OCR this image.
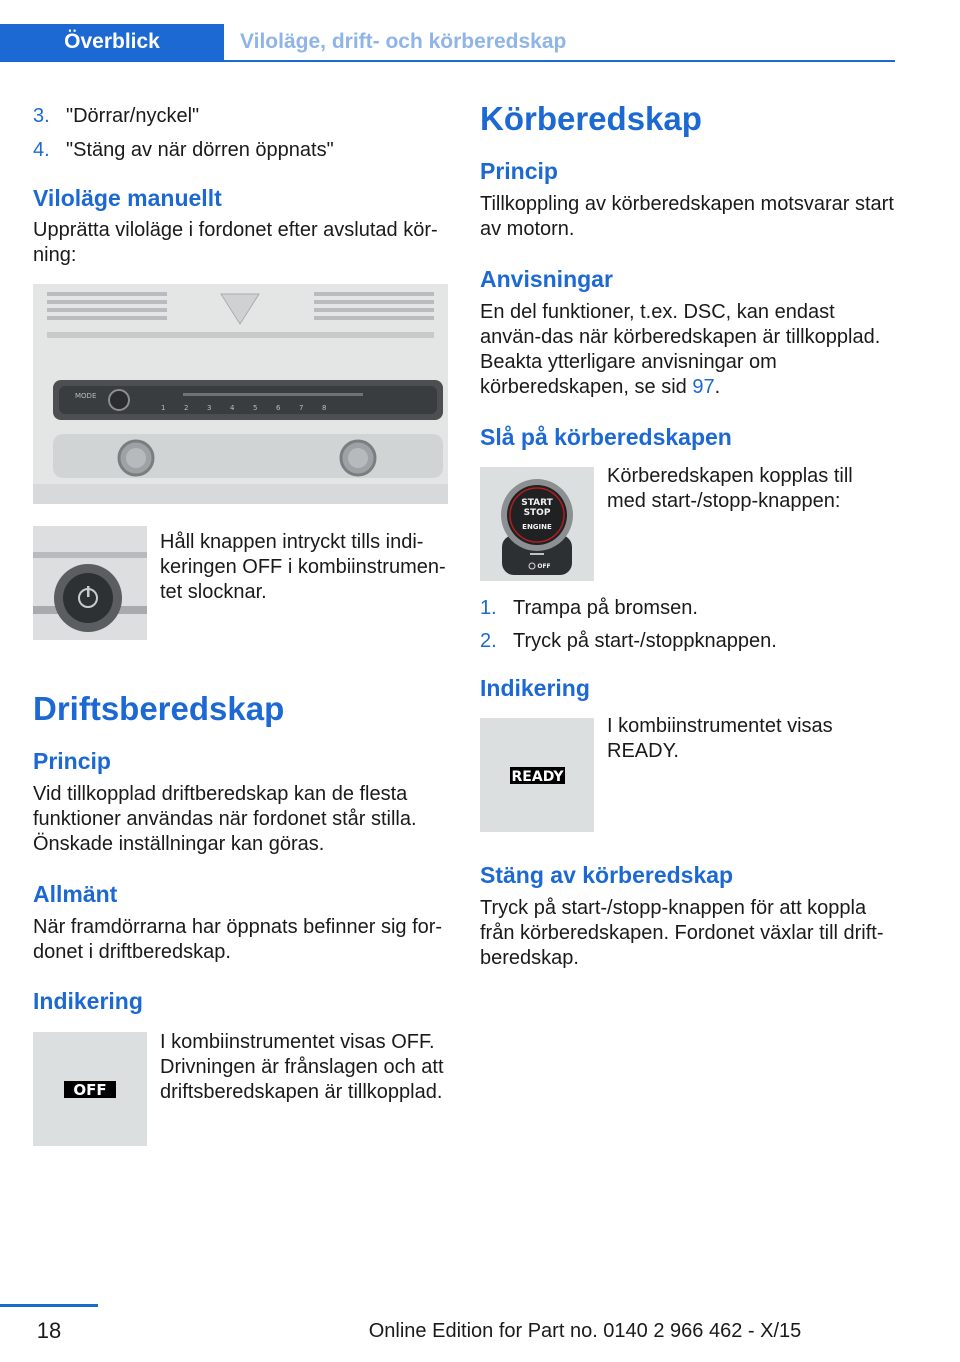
Överblick	Viloläge, drift- och körberedskap
3. "Dörrar/nyckel"
4. "Stäng av när dörren öppnats"
Viloläge manuellt

Upprätta viloläge i fordonet efter avslutad kör-ning:

MODE
1	2	3	4	5	6	7	8

Håll knappen intryckt tills indi-keringen OFF i kombiinstrumen-tet slocknar.

Driftsberedskap
Princip

Vid tillkopplad driftberedskap kan de flesta funktioner användas när fordonet står stilla. Önskade inställningar kan göras.

Allmänt

När framdörrarna har öppnats befinner sig for-donet i driftberedskap.

Indikering
OFF

I kombiinstrumentet visas OFF. Drivningen är frånslagen och att driftsberedskapen är tillkopplad.

Körberedskap
Princip

Tillkoppling av körberedskapen motsvarar start av motorn.

Anvisningar

En del funktioner, t.ex. DSC, kan endast använ-das när körberedskapen är tillkopplad. Beakta ytterligare anvisningar om körberedskapen, se sid 97.

Slå på körberedskapen
START
STOP
ENGINE
OFF

Körberedskapen kopplas till med start-/stopp-knappen:

1. Trampa på bromsen.
2. Tryck på start-/stoppknappen.
Indikering
READY

I kombiinstrumentet visas READY.

Stäng av körberedskap

Tryck på start-/stopp-knappen för att koppla från körberedskapen. Fordonet växlar till drift-beredskap.

18	Online Edition for Part no. 0140 2 966 462 - X/15
